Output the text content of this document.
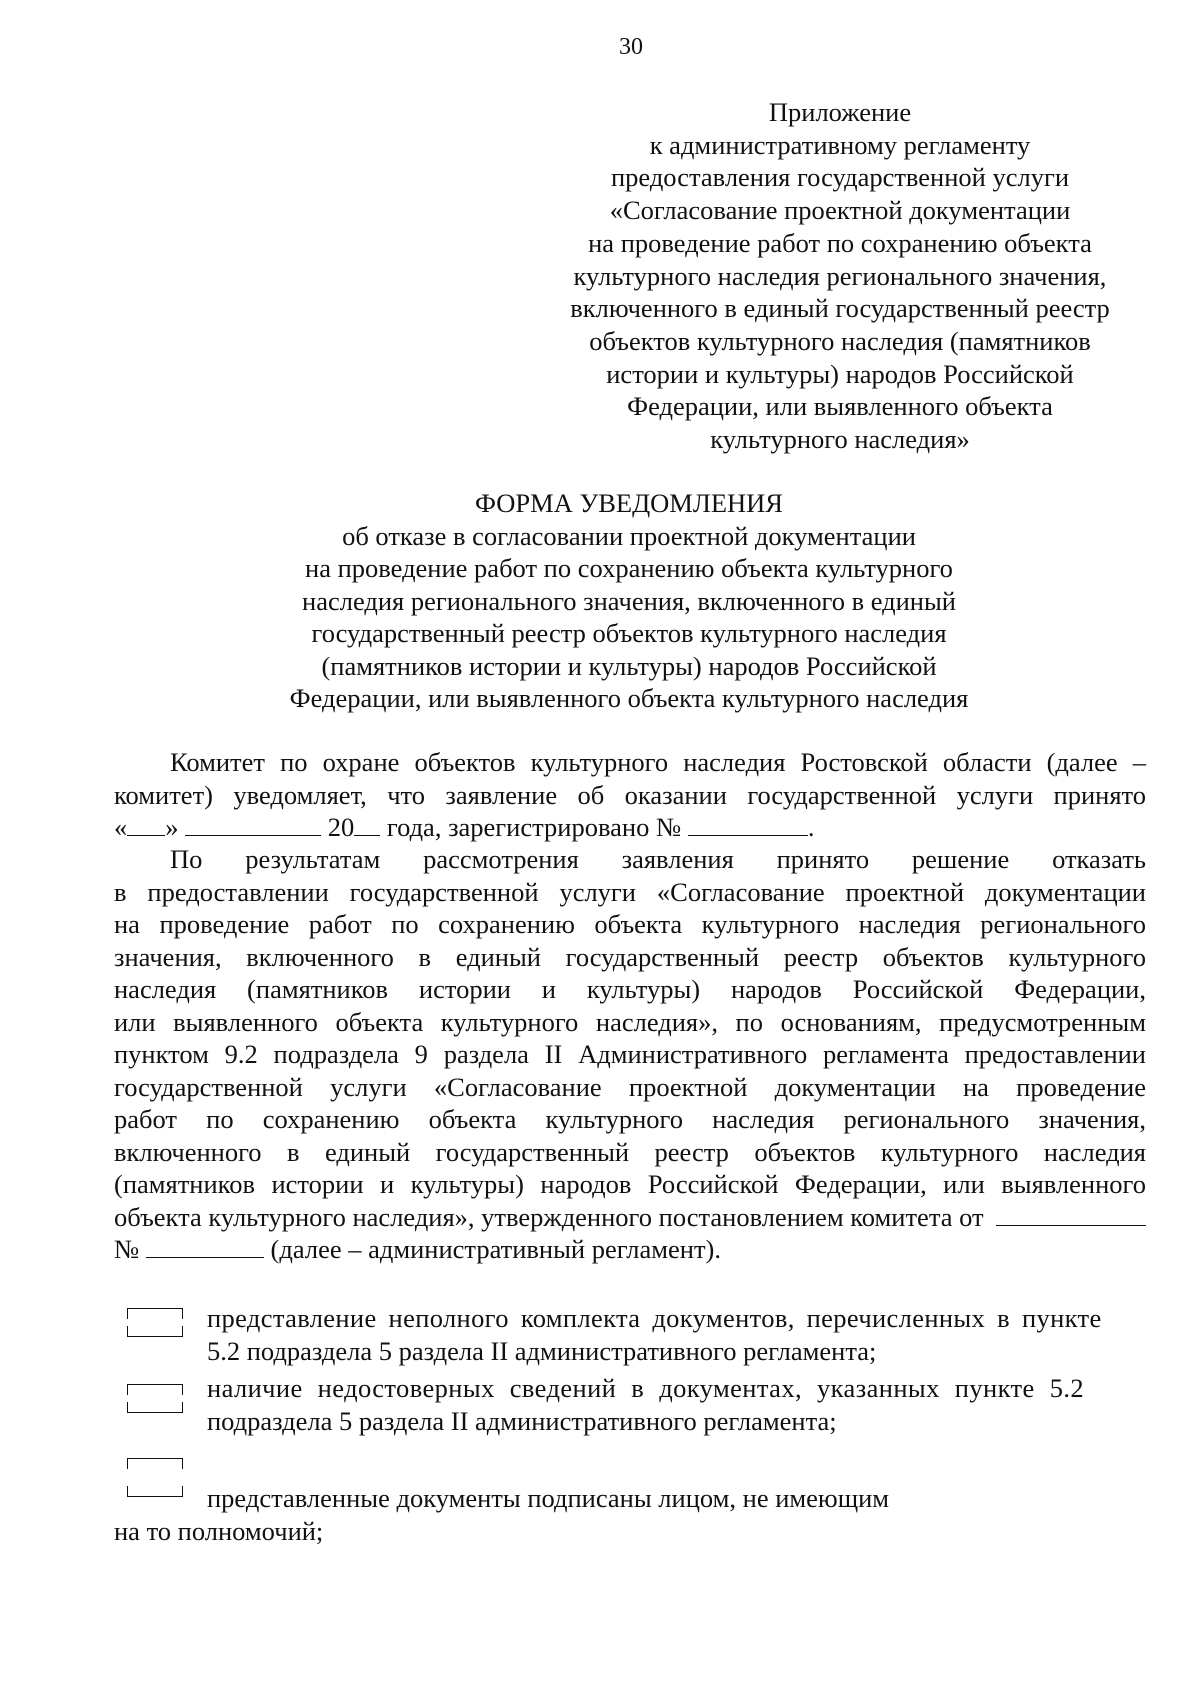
30
Приложение
к административному регламенту
предоставления государственной услуги
«Согласование проектной документации
на проведение работ по сохранению объекта
культурного наследия регионального значения,
включенного в единый государственный реестр
объектов культурного наследия (памятников
истории и культуры) народов Российской
Федерации, или выявленного объекта
культурного наследия»
ФОРМА УВЕДОМЛЕНИЯ
об отказе в согласовании проектной документации
на проведение работ по сохранению объекта культурного
наследия регионального значения, включенного в единый
государственный реестр объектов культурного наследия
(памятников истории и культуры) народов Российской
Федерации, или выявленного объекта культурного наследия
Комитет по охране объектов культурного наследия Ростовской области (далее –
комитет) уведомляет, что заявление об оказании государственной услуги принято
« »	20 года, зарегистрировано №	.
По результатам рассмотрения заявления принято решение отказать
в предоставлении государственной услуги «Согласование проектной документации
на проведение работ по сохранению объекта культурного наследия регионального
значения, включенного в единый государственный реестр объектов культурного
наследия (памятников истории и культуры) народов Российской Федерации,
или выявленного объекта культурного наследия», по основаниям, предусмотренным
пунктом 9.2 подраздела 9 раздела II Административного регламента предоставлении
государственной услуги «Согласование проектной документации на проведение
работ по сохранению объекта культурного наследия регионального значения,
включенного в единый государственный реестр объектов культурного наследия
(памятников истории и культуры) народов Российской Федерации, или выявленного
объекта культурного наследия», утвержденного постановлением комитета от
№	(далее – административный регламент).
представление неполного комплекта документов, перечисленных в пункте
5.2 подраздела 5 раздела II административного регламента;
наличие недостоверных сведений в документах, указанных пункте 5.2
подраздела 5 раздела II административного регламента;
представленные документы подписаны лицом, не имеющим
на то полномочий;
